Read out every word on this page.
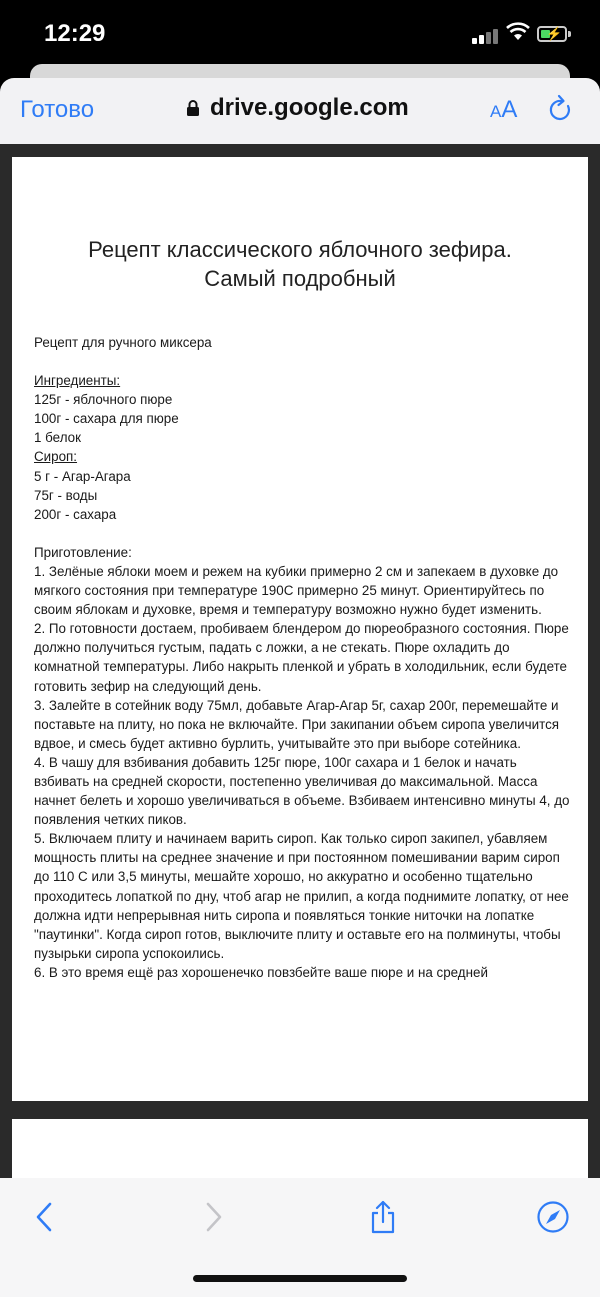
12:29	⚡
Готово	drive.google.com	AA
Рецепт классического яблочного зефира.
Самый подробный

Рецепт для ручного миксера

Ингредиенты:

125г - яблочного пюре

100г - сахара для пюре

1 белок

Сироп:

5 г - Агар-Агара

75г - воды

200г - сахара

Приготовление:

1. Зелёные яблоки моем и режем на кубики примерно 2 см и запекаем в духовке до мягкого состояния при температуре 190С примерно 25 минут. Ориентируйтесь по своим яблокам и духовке, время и температуру возможно нужно будет изменить.

2. По готовности достаем, пробиваем блендером до пюреобразного состояния. Пюре должно получиться густым, падать с ложки, а не стекать. Пюре охладить до комнатной температуры. Либо накрыть пленкой и убрать в холодильник, если будете готовить зефир на следующий день.

3. Залейте в сотейник воду 75мл, добавьте Агар-Агар 5г, сахар 200г, перемешайте и поставьте на плиту, но пока не включайте. При закипании объем сиропа увеличится вдвое, и смесь будет активно бурлить, учитывайте это при выборе сотейника.

4. В чашу для взбивания добавить 125г пюре, 100г сахара и 1 белок и начать взбивать на средней скорости, постепенно увеличивая до максимальной. Масса начнет белеть и хорошо увеличиваться в объеме. Взбиваем интенсивно минуты 4, до появления четких пиков.

5. Включаем плиту и начинаем варить сироп. Как только сироп закипел, убавляем мощность плиты на среднее значение и при постоянном помешивании варим сироп до 110 С или 3,5 минуты, мешайте хорошо, но аккуратно и особенно тщательно проходитесь лопаткой по дну, чтоб агар не прилип, а когда поднимите лопатку, от нее должна идти непрерывная нить сиропа и появляться тонкие ниточки на лопатке "паутинки". Когда сироп готов, выключите плиту и оставьте его на полминуты, чтобы пузырьки сиропа успокоились.

6. В это время ещё раз хорошенечко повзбейте ваше пюре и на средней
